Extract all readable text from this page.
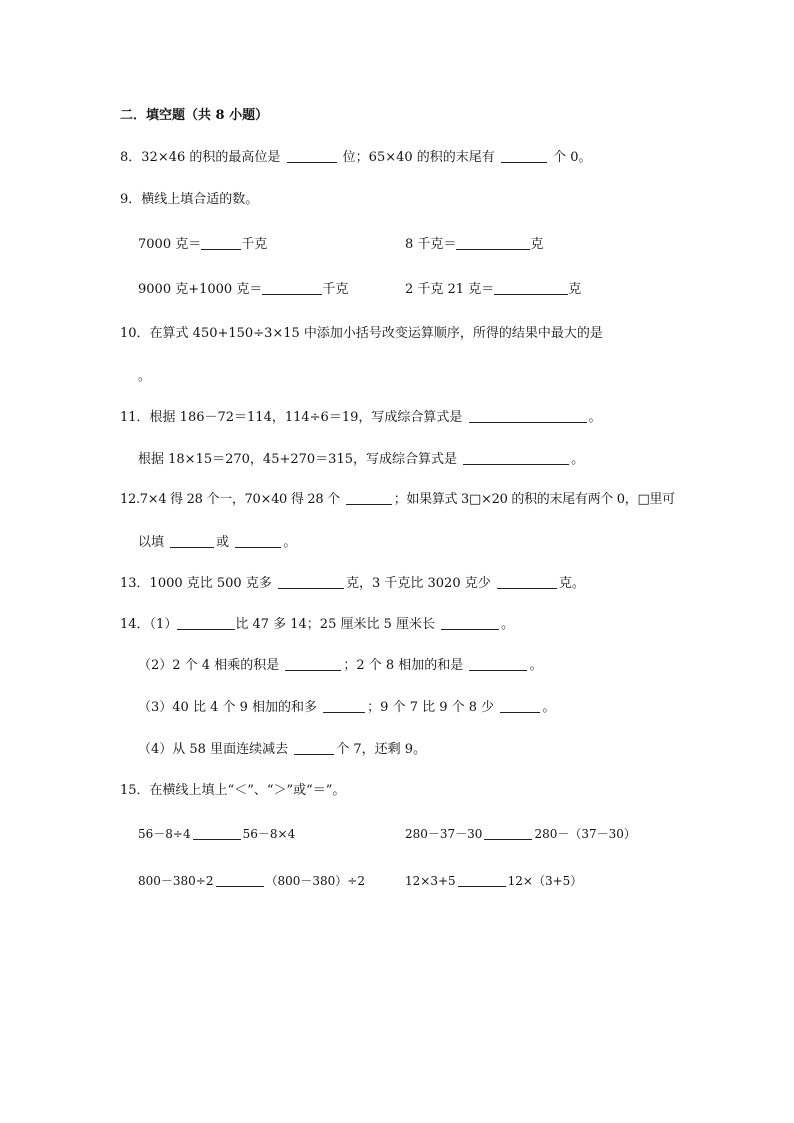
二．填空题（共 8 小题）
8．32×46 的积的最高位是	位；65×40 的积的末尾有	个 0。
9．横线上填合适的数。
7000 克＝	千克	8 千克＝	克
9000 克+1000 克＝	千克	2 千克 21 克＝	克
10．在算式 450+150÷3×15 中添加小括号改变运算顺序，所得的结果中最大的是
。
11．根据 186－72＝114，114÷6＝19，写成综合算式是	。
根据 18×15＝270，45+270＝315，写成综合算式是	。
12.7×4 得 28 个一，70×40 得 28 个	；如果算式 3□×20 的积的末尾有两个 0，□里可
以填	或	。
13．1000 克比 500 克多	克，3 千克比 3020 克少	克。
14．（1）	比 47 多 14；25 厘米比 5 厘米长	。
（2）2 个 4 相乘的积是	；2 个 8 相加的和是	。
（3）40 比 4 个 9 相加的和多	；9 个 7 比 9 个 8 少	。
（4）从 58 里面连续减去	个 7，还剩 9。
15．在横线上填上“＜”、“＞”或“＝”。
56－8÷4	56－8×4	280－37－30	280－（37－30）
800－380÷2	（800－380）÷2	12×3+5	12×（3+5）
